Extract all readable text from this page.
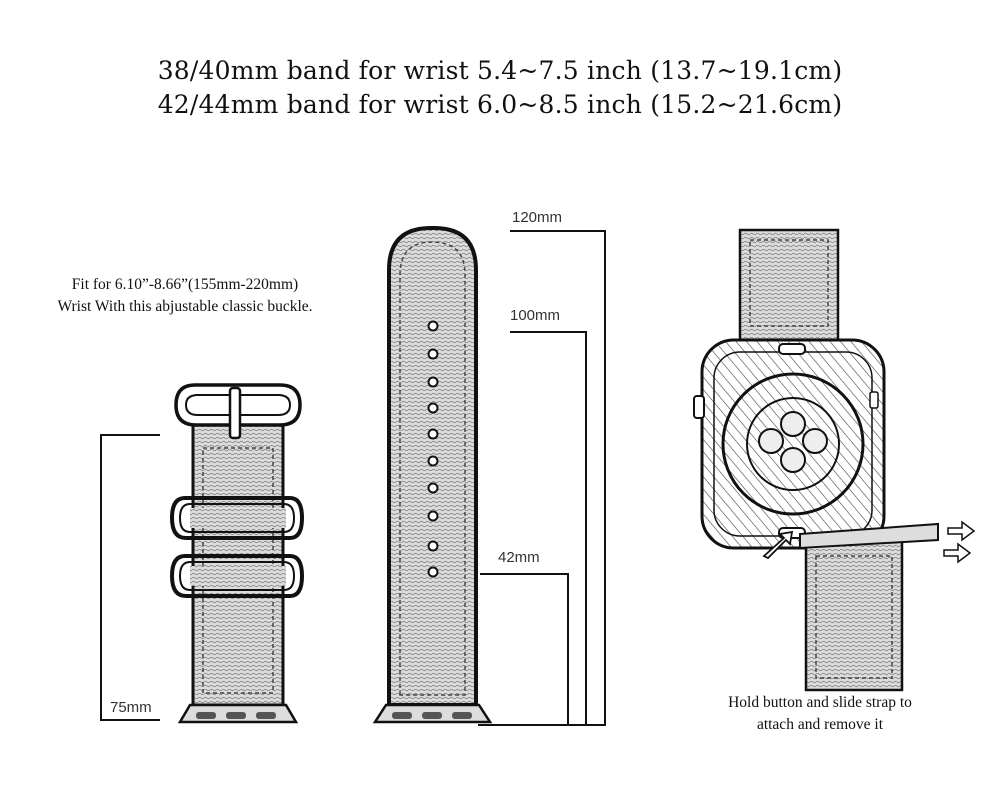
38/40mm band for wrist 5.4~7.5 inch (13.7~19.1cm)
42/44mm band for wrist 6.0~8.5 inch (15.2~21.6cm)
Fit for 6.10”-8.66”(155mm-220mm)
Wrist With this abjustable classic buckle.
Hold button and slide strap to
attach and remove it
75mm
120mm
100mm
42mm
